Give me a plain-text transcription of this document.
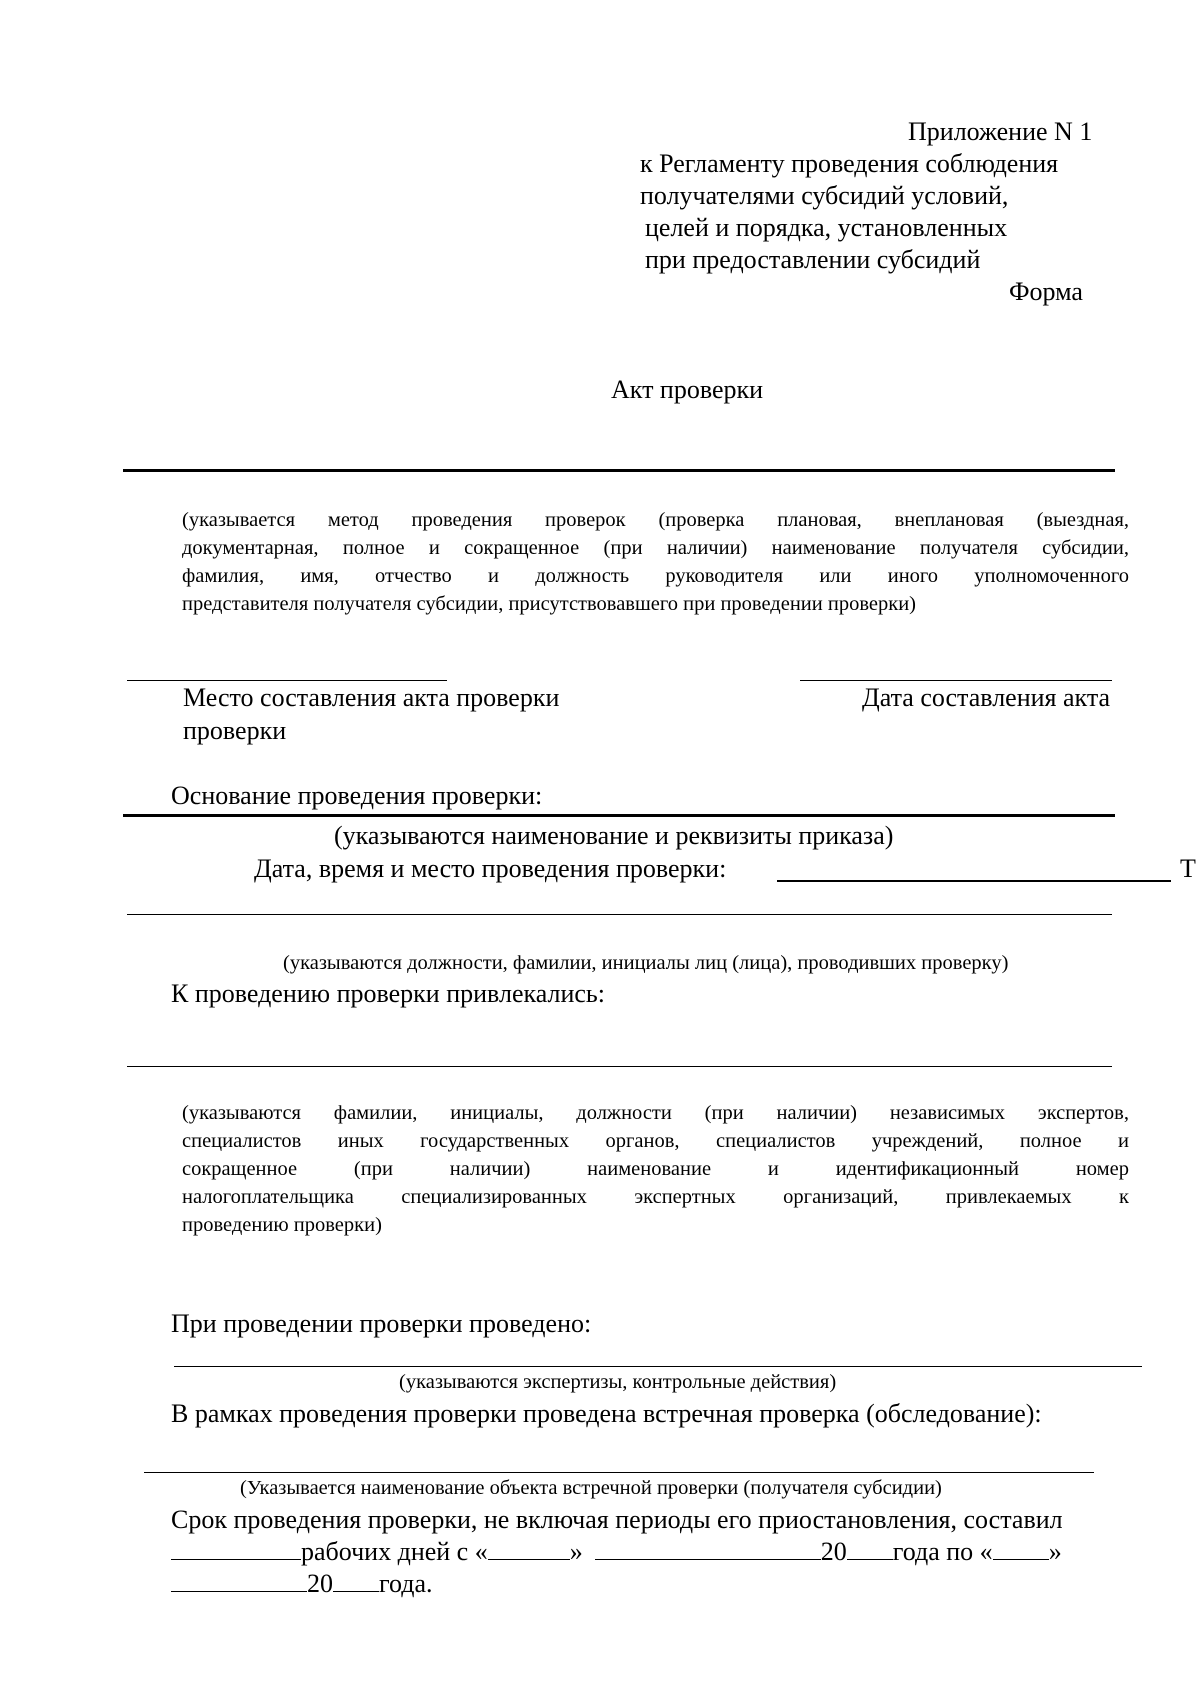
Приложение N 1
к Регламенту проведения соблюдения
получателями субсидий условий,
целей и порядка, установленных
при предоставлении субсидий
Форма
Акт проверки
(указывается метод проведения проверок (проверка плановая, внеплановая (выездная,
документарная, полное и сокращенное (при наличии) наименование получателя субсидии,
фамилия, имя, отчество и должность руководителя или иного уполномоченного
представителя получателя субсидии, присутствовавшего при проведении проверки)
Место составления акта проверки
проверки
Дата составления акта
Основание проведения проверки:
(указываются наименование и реквизиты приказа)
Дата, время и место проведения проверки:	Т
(указываются должности, фамилии, инициалы лиц (лица), проводивших проверку)
К проведению проверки привлекались:
(указываются фамилии, инициалы, должности (при наличии) независимых экспертов,
специалистов иных государственных органов, специалистов учреждений, полное и
сокращенное (при наличии) наименование и идентификационный номер
налогоплательщика специализированных экспертных организаций, привлекаемых к
проведению проверки)
При проведении проверки проведено:
(указываются экспертизы, контрольные действия)
В рамках проведения проверки проведена встречная проверка (обследование):
(Указывается наименование объекта встречной проверки (получателя субсидии)
Срок проведения проверки, не включая периоды его приостановления, составил
рабочих дней с «	»	20 года по « »
20 года.
